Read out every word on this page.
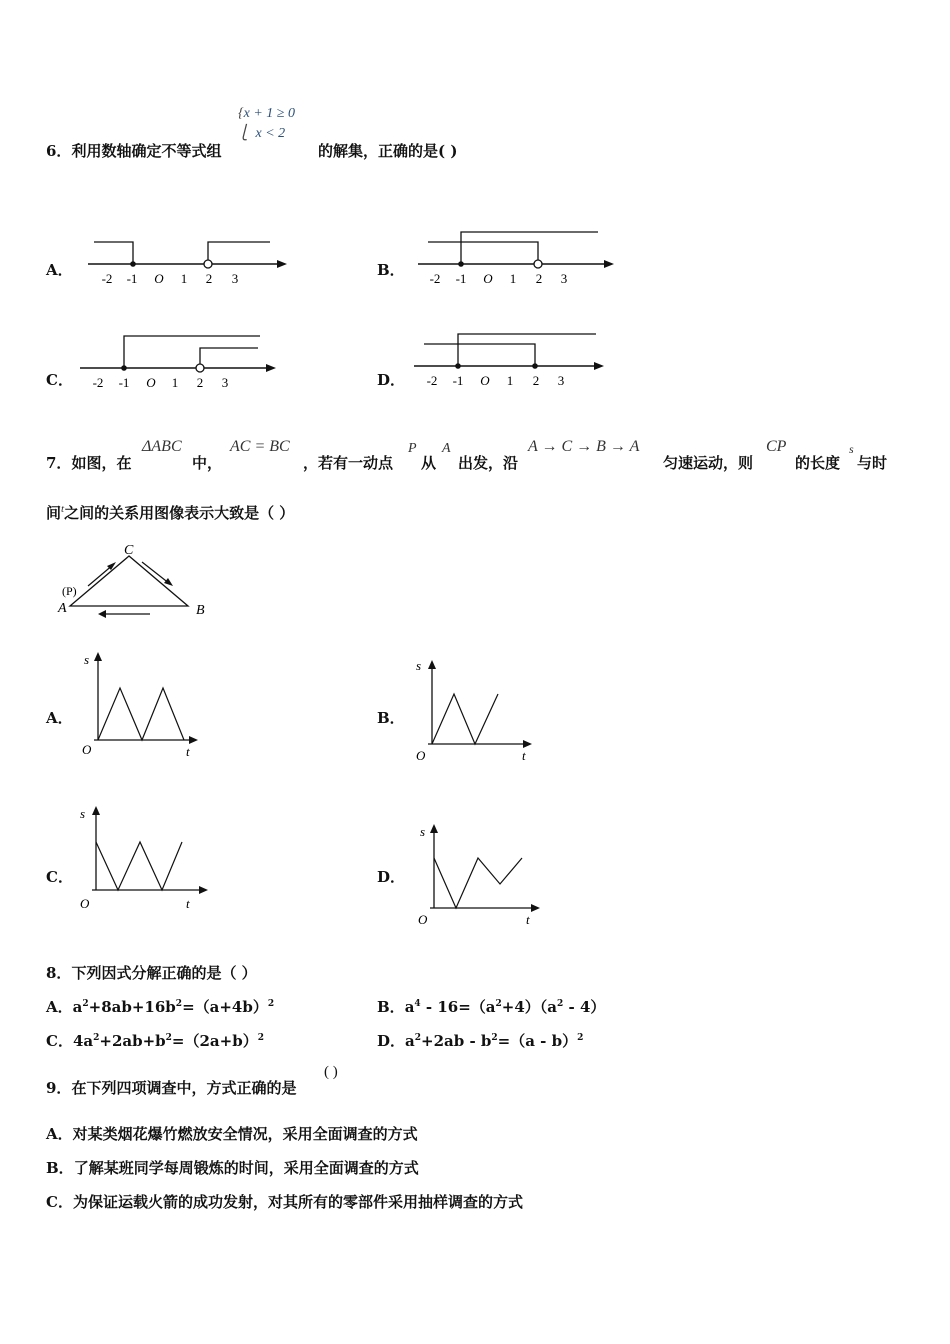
{x + 1 ≥ 0
⎩ x < 2
6．利用数轴确定不等式组	的解集，正确的是( )
A．	B．
C．	D．
-2 -1 O 1 2 3	-2 -1 O 1 2 3
-2 -1 O 1 2 3	-2 -1 O 1 2 3
7．如图，在
ΔABC
中，
AC = BC
，若有一动点
P
从
A
出发，沿
A → C → B → A
匀速运动，则
CP
的长度
s
与时
间$^t$之间的关系用图像表示大致是（ ）
C
(P)
A	B
A．	B．
C．	D．
s
O	t
s
O	t
s
O	t
s
O	t
8．下列因式分解正确的是（ ）
A．$a^2+8ab+16b^2=(a+4b)^2$	B．$a^4 - 16=(a^2+4)(a^2 - 4)$
C．$4a^2+2ab+b^2=(2a+b)^2$	D．$a^2+2ab - b^2=(a - b)^2$
9．在下列四项调查中，方式正确的是
( )
A．对某类烟花爆竹燃放安全情况，采用全面调查的方式
B．了解某班同学每周锻炼的时间，采用全面调查的方式
C．为保证运载火箭的成功发射，对其所有的零部件采用抽样调查的方式
